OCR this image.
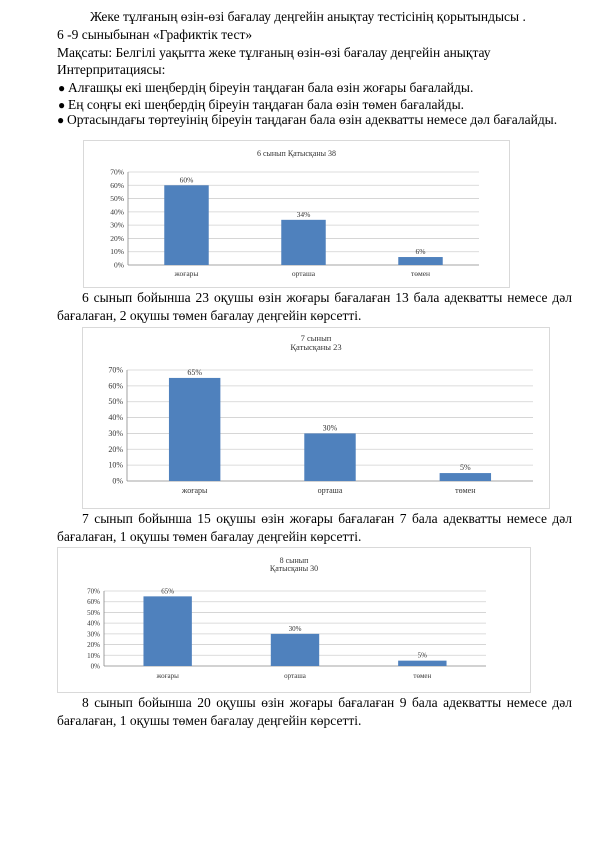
Жеке тұлғаның өзін-өзі бағалау деңгейін анықтау тестісінің қорытындысы .
6 -9 сыныбынан «Графиктік тест»
Мақсаты: Белгілі уақытта жеке тұлғаның өзін-өзі бағалау деңгейін анықтау
Интерпритациясы:
● Алғашқы екі шеңбердің біреуін таңдаған бала өзін жоғары бағалайды.
● Ең соңғы екі шеңбердің біреуін таңдаған бала өзін төмен бағалайды.
● Ортасындағы төртеуінің біреуін таңдаған бала өзін адекватты немесе дәл бағалайды.
6 сынып Қатысқаны 38
0%
10%
20%
30%
40%
50%
60%
70%
60%
жоғары
34%
орташа
6%
төмен
6 сынып бойынша 23 оқушы өзін жоғары бағалаған 13 бала адекватты немесе дәл бағалаған, 2 оқушы төмен бағалау деңгейін көрсетті.
7 сынып
Қатысқаны 23
0%
10%
20%
30%
40%
50%
60%
70%	65%
жоғары
30%
орташа
5%
төмен
7 сынып бойынша 15 оқушы өзін жоғары бағалаған 7 бала адекватты немесе дәл бағалаған, 1 оқушы төмен бағалау деңгейін көрсетті.
8 сынып
Қатысқаны 30
0%
10%
20%
30%
40%
50%
60%
70%	65%
жоғары
30%
орташа
5%
төмен
8 сынып бойынша 20 оқушы өзін жоғары бағалаған 9 бала адекватты немесе дәл бағалаған, 1 оқушы төмен бағалау деңгейін көрсетті.
